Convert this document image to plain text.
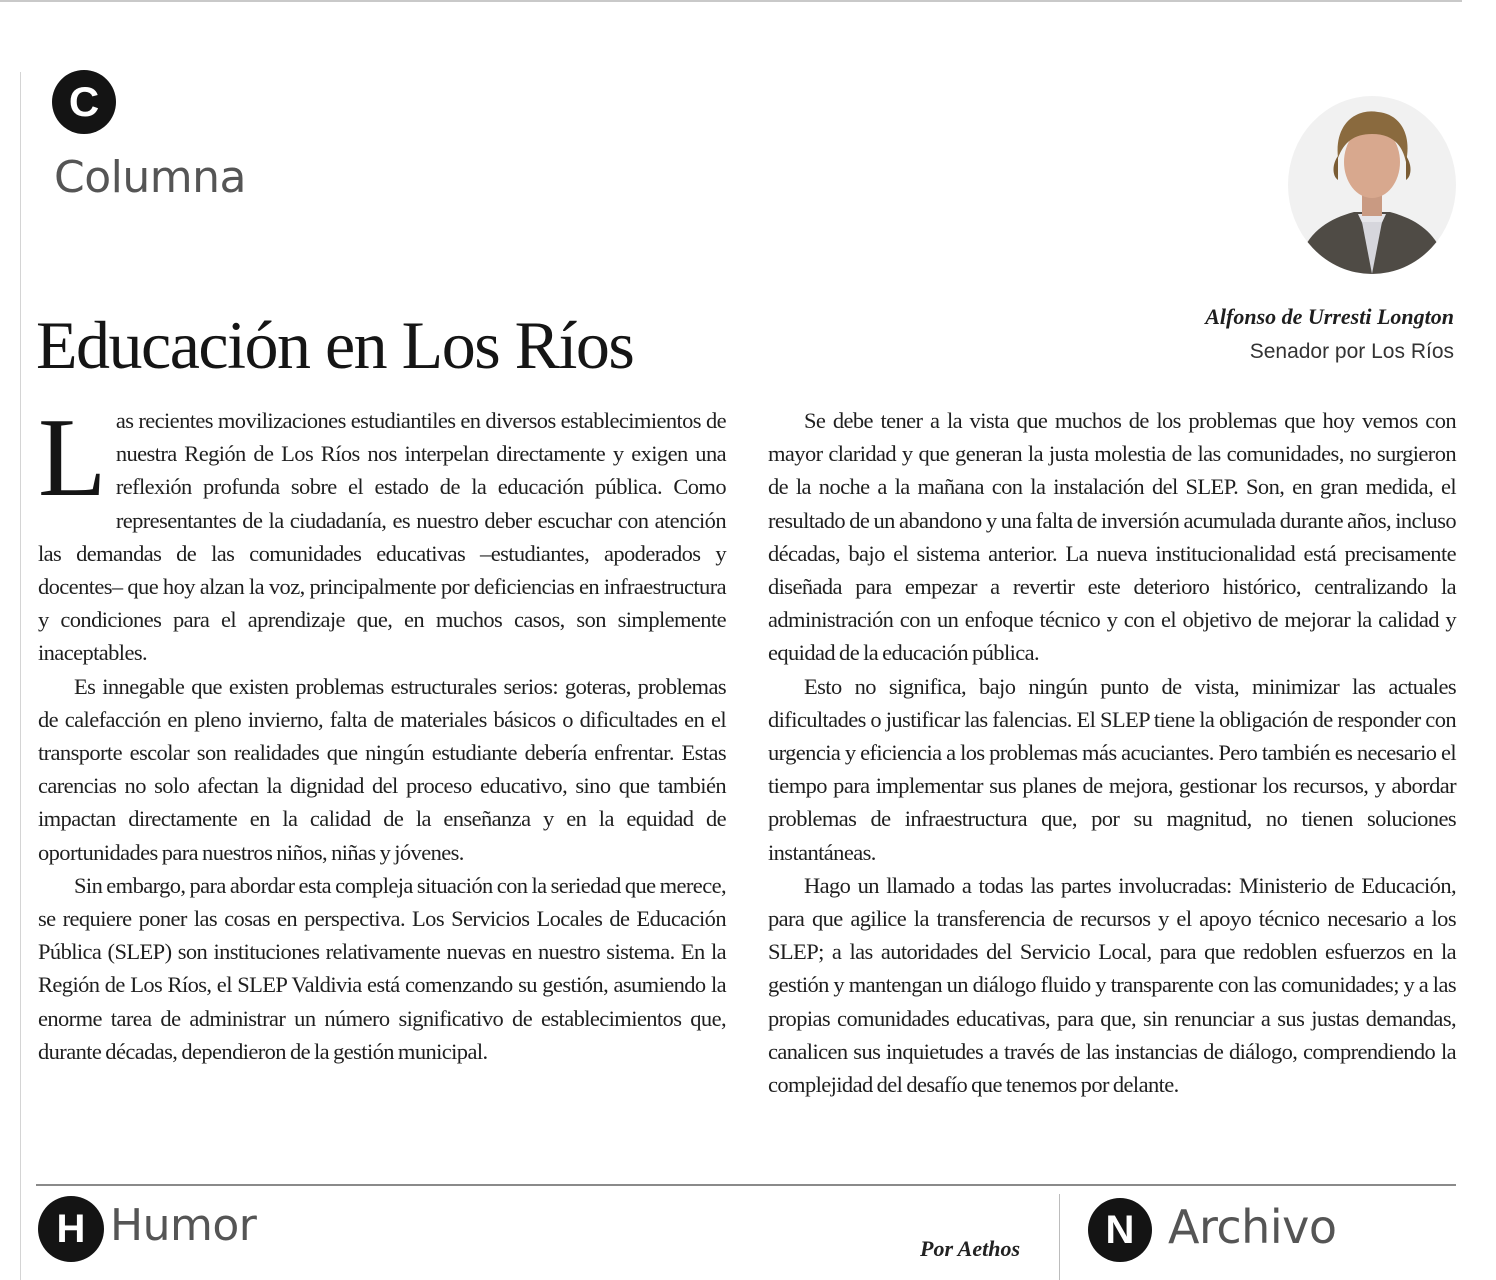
C
Columna
Alfonso de Urresti Longton
Senador por Los Ríos
Educación en Los Ríos

Las recientes movilizaciones estudiantiles en diversos establecimientos de nuestra Región de Los Ríos nos interpelan directamente y exigen una reflexión profunda sobre el estado de la educación pública. Como representantes de la ciudadanía, es nuestro deber escuchar con atención las demandas de las comunidades educativas –estudiantes, apoderados y docentes– que hoy alzan la voz, principalmente por deficiencias en infraestructura y condiciones para el aprendizaje que, en muchos casos, son simplemente inaceptables.

Es innegable que existen problemas estructurales serios: goteras, problemas de calefacción en pleno invierno, falta de materiales básicos o dificultades en el transporte escolar son realidades que ningún estudiante debería enfrentar. Estas carencias no solo afectan la dignidad del proceso educativo, sino que también impactan directamente en la calidad de la enseñanza y en la equidad de oportunidades para nuestros niños, niñas y jóvenes.

Sin embargo, para abordar esta compleja situación con la seriedad que merece, se requiere poner las cosas en perspectiva. Los Servicios Locales de Educación Pública (SLEP) son instituciones relativamente nuevas en nuestro sistema. En la Región de Los Ríos, el SLEP Valdivia está comenzando su gestión, asumiendo la enorme tarea de administrar un número significativo de establecimientos que, durante décadas, dependieron de la gestión municipal.

Se debe tener a la vista que muchos de los problemas que hoy vemos con mayor claridad y que generan la justa molestia de las comunidades, no surgieron de la noche a la mañana con la instalación del SLEP. Son, en gran medida, el resultado de un abandono y una falta de inversión acumulada durante años, incluso décadas, bajo el sistema anterior. La nueva institucionalidad está precisamente diseñada para empezar a revertir este deterioro histórico, centralizando la administración con un enfoque técnico y con el objetivo de mejorar la calidad y equidad de la educación pública.

Esto no significa, bajo ningún punto de vista, minimizar las actuales dificultades o justificar las falencias. El SLEP tiene la obligación de responder con urgencia y eficiencia a los problemas más acuciantes. Pero también es necesario el tiempo para implementar sus planes de mejora, gestionar los recursos, y abordar problemas de infraestructura que, por su magnitud, no tienen soluciones instantáneas.

Hago un llamado a todas las partes involucradas: Ministerio de Educación, para que agilice la transferencia de recursos y el apoyo técnico necesario a los SLEP; a las autoridades del Servicio Local, para que redoblen esfuerzos en la gestión y mantengan un diálogo fluido y transparente con las comunidades; y a las propias comunidades educativas, para que, sin renunciar a sus justas demandas, canalicen sus inquietudes a través de las instancias de diálogo, comprendiendo la complejidad del desafío que tenemos por delante.

H Humor	Por Aethos N Archivo
